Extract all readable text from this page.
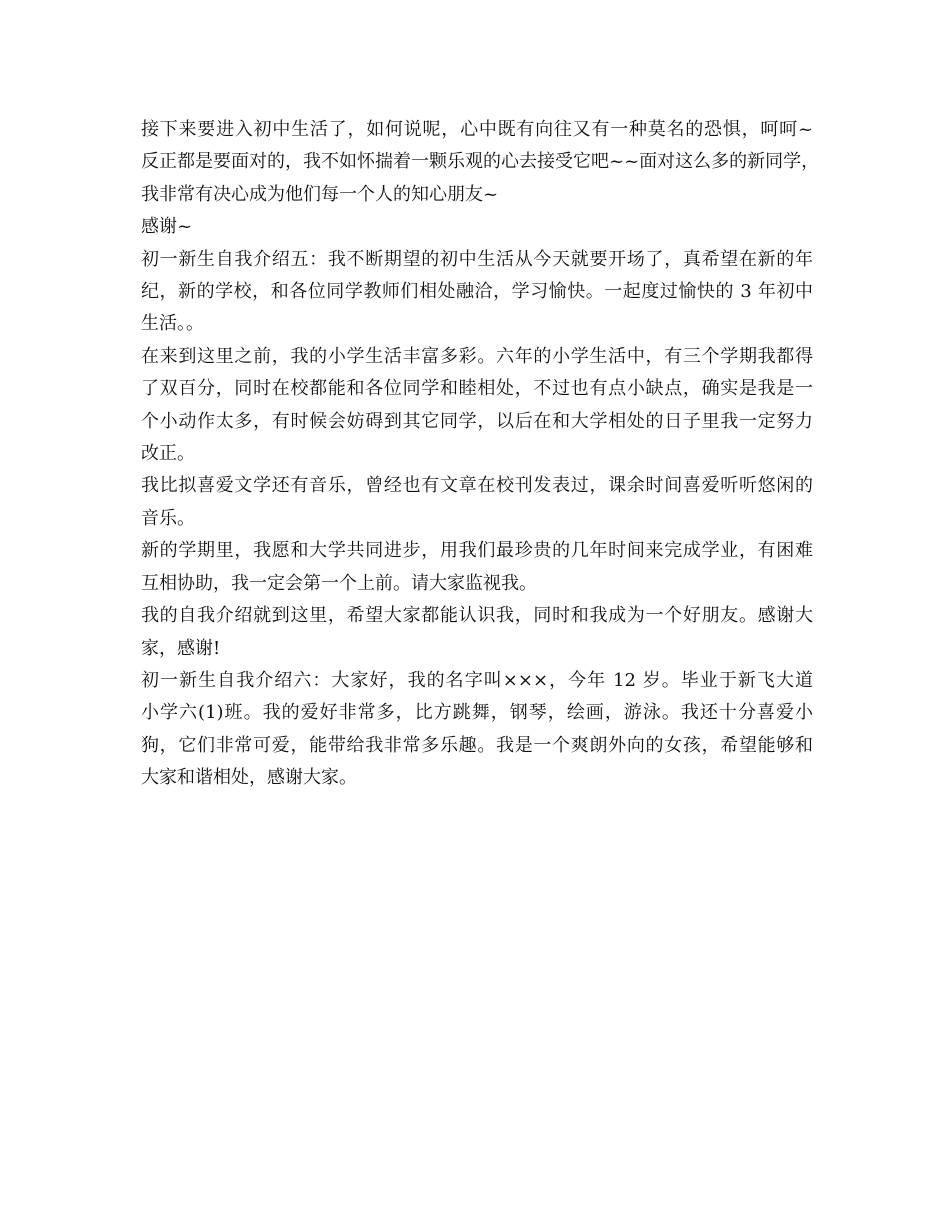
接下来要进入初中生活了，如何说呢，心中既有向往又有一种莫名的恐惧，呵呵~
反正都是要面对的，我不如怀揣着一颗乐观的心去接受它吧~~面对这么多的新同学，
我非常有决心成为他们每一个人的知心朋友~
感谢~
初一新生自我介绍五：我不断期望的初中生活从今天就要开场了，真希望在新的年
纪，新的学校，和各位同学教师们相处融洽，学习愉快。一起度过愉快的 3 年初中
生活。。
在来到这里之前，我的小学生活丰富多彩。六年的小学生活中，有三个学期我都得
了双百分，同时在校都能和各位同学和睦相处，不过也有点小缺点，确实是我是一
个小动作太多，有时候会妨碍到其它同学，以后在和大学相处的日子里我一定努力
改正。
我比拟喜爱文学还有音乐，曾经也有文章在校刊发表过，课余时间喜爱听听悠闲的
音乐。
新的学期里，我愿和大学共同进步，用我们最珍贵的几年时间来完成学业，有困难
互相协助，我一定会第一个上前。请大家监视我。
我的自我介绍就到这里，希望大家都能认识我，同时和我成为一个好朋友。感谢大
家，感谢!
初一新生自我介绍六：大家好，我的名字叫×××，今年 12 岁。毕业于新飞大道
小学六(1)班。我的爱好非常多，比方跳舞，钢琴，绘画，游泳。我还十分喜爱小
狗，它们非常可爱，能带给我非常多乐趣。我是一个爽朗外向的女孩，希望能够和
大家和谐相处，感谢大家。
